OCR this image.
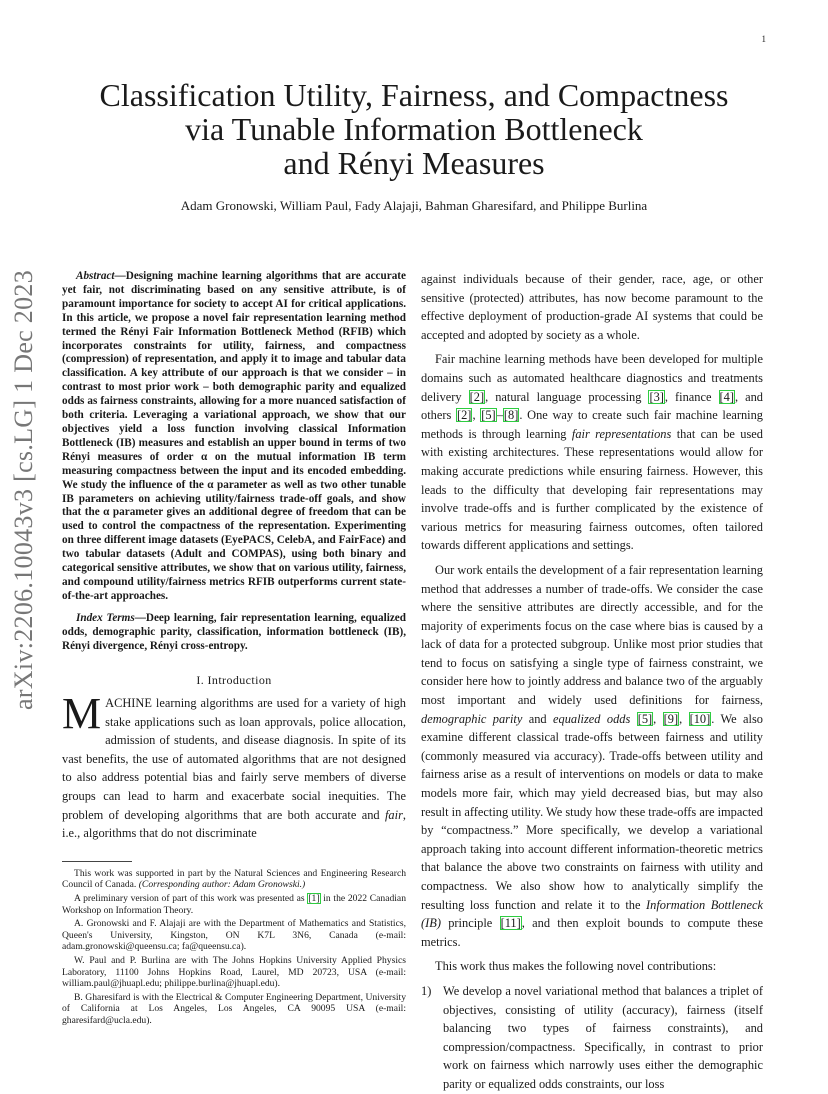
1
arXiv:2206.10043v3 [cs.LG] 1 Dec 2023
Classification Utility, Fairness, and Compactness
via Tunable Information Bottleneck
and Rényi Measures
Adam Gronowski, William Paul, Fady Alajaji, Bahman Gharesifard, and Philippe Burlina

Abstract—Designing machine learning algorithms that are accurate yet fair, not discriminating based on any sensitive attribute, is of paramount importance for society to accept AI for critical applications. In this article, we propose a novel fair representation learning method termed the Rényi Fair Information Bottleneck Method (RFIB) which incorporates constraints for utility, fairness, and compactness (compression) of representation, and apply it to image and tabular data classification. A key attribute of our approach is that we consider – in contrast to most prior work – both demographic parity and equalized odds as fairness constraints, allowing for a more nuanced satisfaction of both criteria. Leveraging a variational approach, we show that our objectives yield a loss function involving classical Information Bottleneck (IB) measures and establish an upper bound in terms of two Rényi measures of order α on the mutual information IB term measuring compactness between the input and its encoded embedding. We study the influence of the α parameter as well as two other tunable IB parameters on achieving utility/fairness trade-off goals, and show that the α parameter gives an additional degree of freedom that can be used to control the compactness of the representation. Experimenting on three different image datasets (EyePACS, CelebA, and FairFace) and two tabular datasets (Adult and COMPAS), using both binary and categorical sensitive attributes, we show that on various utility, fairness, and compound utility/fairness metrics RFIB outperforms current state-of-the-art approaches.

Index Terms—Deep learning, fair representation learning, equalized odds, demographic parity, classification, information bottleneck (IB), Rényi divergence, Rényi cross-entropy.

I. Introduction

MACHINE learning algorithms are used for a variety of high stake applications such as loan approvals, police allocation, admission of students, and disease diagnosis. In spite of its vast benefits, the use of automated algorithms that are not designed to also address potential bias and fairly serve members of diverse groups can lead to harm and exacerbate social inequities. The problem of developing algorithms that are both accurate and fair, i.e., algorithms that do not discriminate

This work was supported in part by the Natural Sciences and Engineering Research Council of Canada. (Corresponding author: Adam Gronowski.)

A preliminary version of part of this work was presented as [1] in the 2022 Canadian Workshop on Information Theory.

A. Gronowski and F. Alajaji are with the Department of Mathematics and Statistics, Queen's University, Kingston, ON K7L 3N6, Canada (e-mail: adam.gronowski@queensu.ca; fa@queensu.ca).

W. Paul and P. Burlina are with The Johns Hopkins University Applied Physics Laboratory, 11100 Johns Hopkins Road, Laurel, MD 20723, USA (e-mail: william.paul@jhuapl.edu; philippe.burlina@jhuapl.edu).

B. Gharesifard is with the Electrical & Computer Engineering Department, University of California at Los Angeles, Los Angeles, CA 90095 USA (e-mail: gharesifard@ucla.edu).

against individuals because of their gender, race, age, or other sensitive (protected) attributes, has now become paramount to the effective deployment of production-grade AI systems that could be accepted and adopted by society as a whole.

Fair machine learning methods have been developed for multiple domains such as automated healthcare diagnostics and treatments delivery [2], natural language processing [3], finance [4], and others [2], [5]–[8]. One way to create such fair machine learning methods is through learning fair representations that can be used with existing architectures. These representations would allow for making accurate predictions while ensuring fairness. However, this leads to the difficulty that developing fair representations may involve trade-offs and is further complicated by the existence of various metrics for measuring fairness outcomes, often tailored towards different applications and settings.

Our work entails the development of a fair representation learning method that addresses a number of trade-offs. We consider the case where the sensitive attributes are directly accessible, and for the majority of experiments focus on the case where bias is caused by a lack of data for a protected subgroup. Unlike most prior studies that tend to focus on satisfying a single type of fairness constraint, we consider here how to jointly address and balance two of the arguably most important and widely used definitions for fairness, demographic parity and equalized odds [5], [9], [10]. We also examine different classical trade-offs between fairness and utility (commonly measured via accuracy). Trade-offs between utility and fairness arise as a result of interventions on models or data to make models more fair, which may yield decreased bias, but may also result in affecting utility. We study how these trade-offs are impacted by “compactness.” More specifically, we develop a variational approach taking into account different information-theoretic metrics that balance the above two constraints on fairness with utility and compactness. We also show how to analytically simplify the resulting loss function and relate it to the Information Bottleneck (IB) principle [11], and then exploit bounds to compute these metrics.

This work thus makes the following novel contributions:

1) We develop a novel variational method that balances a triplet of objectives, consisting of utility (accuracy), fairness (itself balancing two types of fairness constraints), and compression/compactness. Specifically, in contrast to prior work on fairness which narrowly uses either the demographic parity or equalized odds constraints, our loss
